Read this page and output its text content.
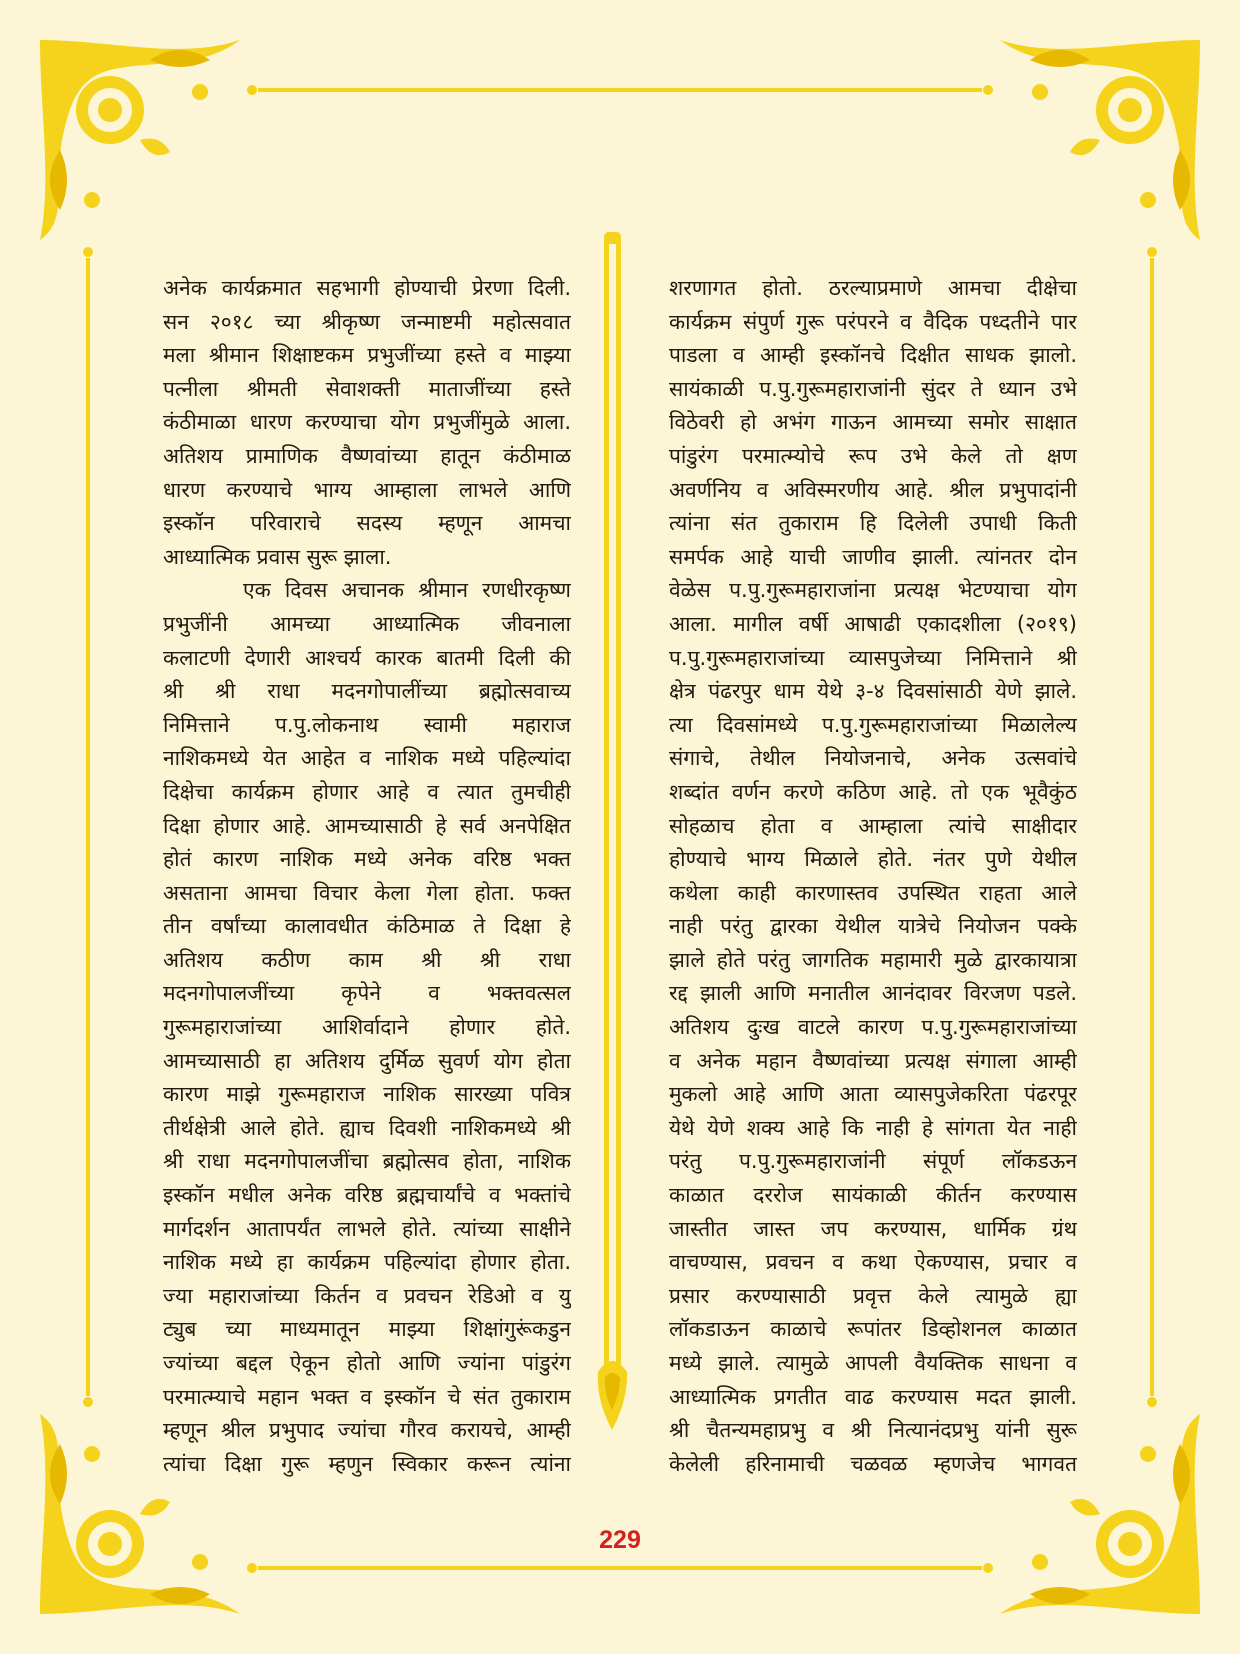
अनेक कार्यक्रमात सहभागी होण्याची प्रेरणा दिली.
सन २०१८ च्या श्रीकृष्ण जन्माष्टमी महोत्सवात
मला श्रीमान शिक्षाष्टकम प्रभुजींच्या हस्ते व माझ्या
पत्नीला श्रीमती सेवाशक्ती माताजींच्या हस्ते
कंठीमाळा धारण करण्याचा योग प्रभुजींमुळे आला.
अतिशय प्रामाणिक वैष्णवांच्या हातून कंठीमाळ
धारण करण्याचे भाग्य आम्हाला लाभले आणि
इस्कॉन परिवाराचे सदस्य म्हणून आमचा
आध्यात्मिक प्रवास सुरू झाला.
एक दिवस अचानक श्रीमान रणधीरकृष्ण
प्रभुजींनी आमच्या आध्यात्मिक जीवनाला
कलाटणी देणारी आश्चर्य कारक बातमी दिली की
श्री श्री राधा मदनगोपालींच्या ब्रह्मोत्सवाच्य
निमित्ताने प.पु.लोकनाथ स्वामी महाराज
नाशिकमध्ये येत आहेत व नाशिक मध्ये पहिल्यांदा
दिक्षेचा कार्यक्रम होणार आहे व त्यात तुमचीही
दिक्षा होणार आहे. आमच्यासाठी हे सर्व अनपेक्षित
होतं कारण नाशिक मध्ये अनेक वरिष्ठ भक्त
असताना आमचा विचार केला गेला होता. फक्त
तीन वर्षांच्या कालावधीत कंठिमाळ ते दिक्षा हे
अतिशय कठीण काम श्री श्री राधा
मदनगोपालजींच्या कृपेने व भक्तवत्सल
गुरूमहाराजांच्या आशिर्वादाने होणार होते.
आमच्यासाठी हा अतिशय दुर्मिळ सुवर्ण योग होता
कारण माझे गुरूमहाराज नाशिक सारख्या पवित्र
तीर्थक्षेत्री आले होते. ह्याच दिवशी नाशिकमध्ये श्री
श्री राधा मदनगोपालजींचा ब्रह्मोत्सव होता, नाशिक
इस्कॉन मधील अनेक वरिष्ठ ब्रह्मचार्यांचे व भक्तांचे
मार्गदर्शन आतापर्यंत लाभले होते. त्यांच्या साक्षीने
नाशिक मध्ये हा कार्यक्रम पहिल्यांदा होणार होता.
ज्या महाराजांच्या किर्तन व प्रवचन रेडिओ व यु
ट्युब च्या माध्यमातून माझ्या शिक्षांगुरूंकडुन
ज्यांच्या बद्दल ऐकून होतो आणि ज्यांना पांडुरंग
परमात्म्याचे महान भक्त व इस्कॉन चे संत तुकाराम
म्हणून श्रील प्रभुपाद ज्यांचा गौरव करायचे, आम्ही
त्यांचा दिक्षा गुरू म्हणुन स्विकार करून त्यांना
शरणागत होतो. ठरल्याप्रमाणे आमचा दीक्षेचा
कार्यक्रम संपुर्ण गुरू परंपरने व वैदिक पध्दतीने पार
पाडला व आम्ही इस्कॉनचे दिक्षीत साधक झालो.
सायंकाळी प.पु.गुरूमहाराजांनी सुंदर ते ध्यान उभे
विठेवरी हो अभंग गाऊन आमच्या समोर साक्षात
पांडुरंग परमात्म्योचे रूप उभे केले तो क्षण
अवर्णनिय व अविस्मरणीय आहे. श्रील प्रभुपादांनी
त्यांना संत तुकाराम हि दिलेली उपाधी किती
समर्पक आहे याची जाणीव झाली. त्यांनतर दोन
वेळेस प.पु.गुरूमहाराजांना प्रत्यक्ष भेटण्याचा योग
आला. मागील वर्षी आषाढी एकादशीला (२०१९)
प.पु.गुरूमहाराजांच्या व्यासपुजेच्या निमित्ताने श्री
क्षेत्र पंढरपुर धाम येथे ३-४ दिवसांसाठी येणे झाले.
त्या दिवसांमध्ये प.पु.गुरूमहाराजांच्या मिळालेल्य
संगाचे, तेथील नियोजनाचे, अनेक उत्सवांचे
शब्दांत वर्णन करणे कठिण आहे. तो एक भूवैकुंठ
सोहळाच होता व आम्हाला त्यांचे साक्षीदार
होण्याचे भाग्य मिळाले होते. नंतर पुणे येथील
कथेला काही कारणास्तव उपस्थित राहता आले
नाही परंतु द्वारका येथील यात्रेचे नियोजन पक्के
झाले होते परंतु जागतिक महामारी मुळे द्वारकायात्रा
रद्द झाली आणि मनातील आनंदावर विरजण पडले.
अतिशय दुःख वाटले कारण प.पु.गुरूमहाराजांच्या
व अनेक महान वैष्णवांच्या प्रत्यक्ष संगाला आम्ही
मुकलो आहे आणि आता व्यासपुजेकरिता पंढरपूर
येथे येणे शक्य आहे कि नाही हे सांगता येत नाही
परंतु प.पु.गुरूमहाराजांनी संपूर्ण लॉकडऊन
काळात दररोज सायंकाळी कीर्तन करण्यास
जास्तीत जास्त जप करण्यास, धार्मिक ग्रंथ
वाचण्यास, प्रवचन व कथा ऐकण्यास, प्रचार व
प्रसार करण्यासाठी प्रवृत्त केले त्यामुळे ह्या
लॉकडाऊन काळाचे रूपांतर डिव्होशनल काळात
मध्ये झाले. त्यामुळे आपली वैयक्तिक साधना व
आध्यात्मिक प्रगतीत वाढ करण्यास मदत झाली.
श्री चैतन्यमहाप्रभु व श्री नित्यानंदप्रभु यांनी सुरू
केलेली हरिनामाची चळवळ म्हणजेच भागवत
229
